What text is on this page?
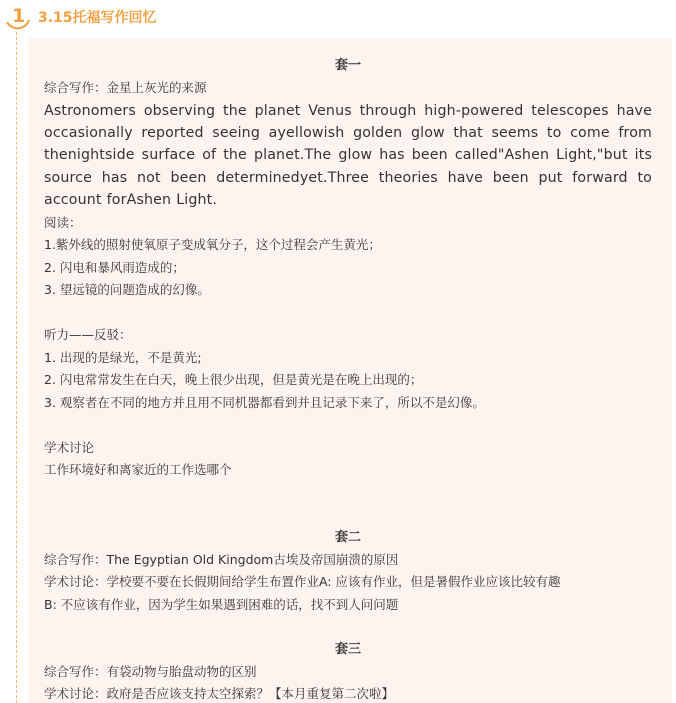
1 3.15托福写作回忆
套一
综合写作：金星上灰光的来源
Astronomers observing the planet Venus through high-powered telescopes have occasionally reported seeing ayellowish golden glow that seems to come from thenightside surface of the planet.The glow has been called"Ashen Light,"but its source has not been determinedyet.Three theories have been put forward to account forAshen Light.
阅读：
1.紫外线的照射使氧原子变成氧分子，这个过程会产生黄光；
2. 闪电和暴风雨造成的；
3. 望远镜的问题造成的幻像。
听力——反驳：
1. 出现的是绿光，不是黄光;
2. 闪电常常发生在白天，晚上很少出现，但是黄光是在晚上出现的；
3. 观察者在不同的地方并且用不同机器都看到并且记录下来了，所以不是幻像。
学术讨论
工作环境好和离家近的工作选哪个
套二
综合写作：The Egyptian Old Kingdom古埃及帝国崩溃的原因
学术讨论：学校要不要在长假期间给学生布置作业A: 应该有作业，但是暑假作业应该比较有趣
B: 不应该有作业，因为学生如果遇到困难的话，找不到人问问题
套三
综合写作：有袋动物与胎盘动物的区别
学术讨论：政府是否应该支持太空探索？【本月重复第二次啦】
